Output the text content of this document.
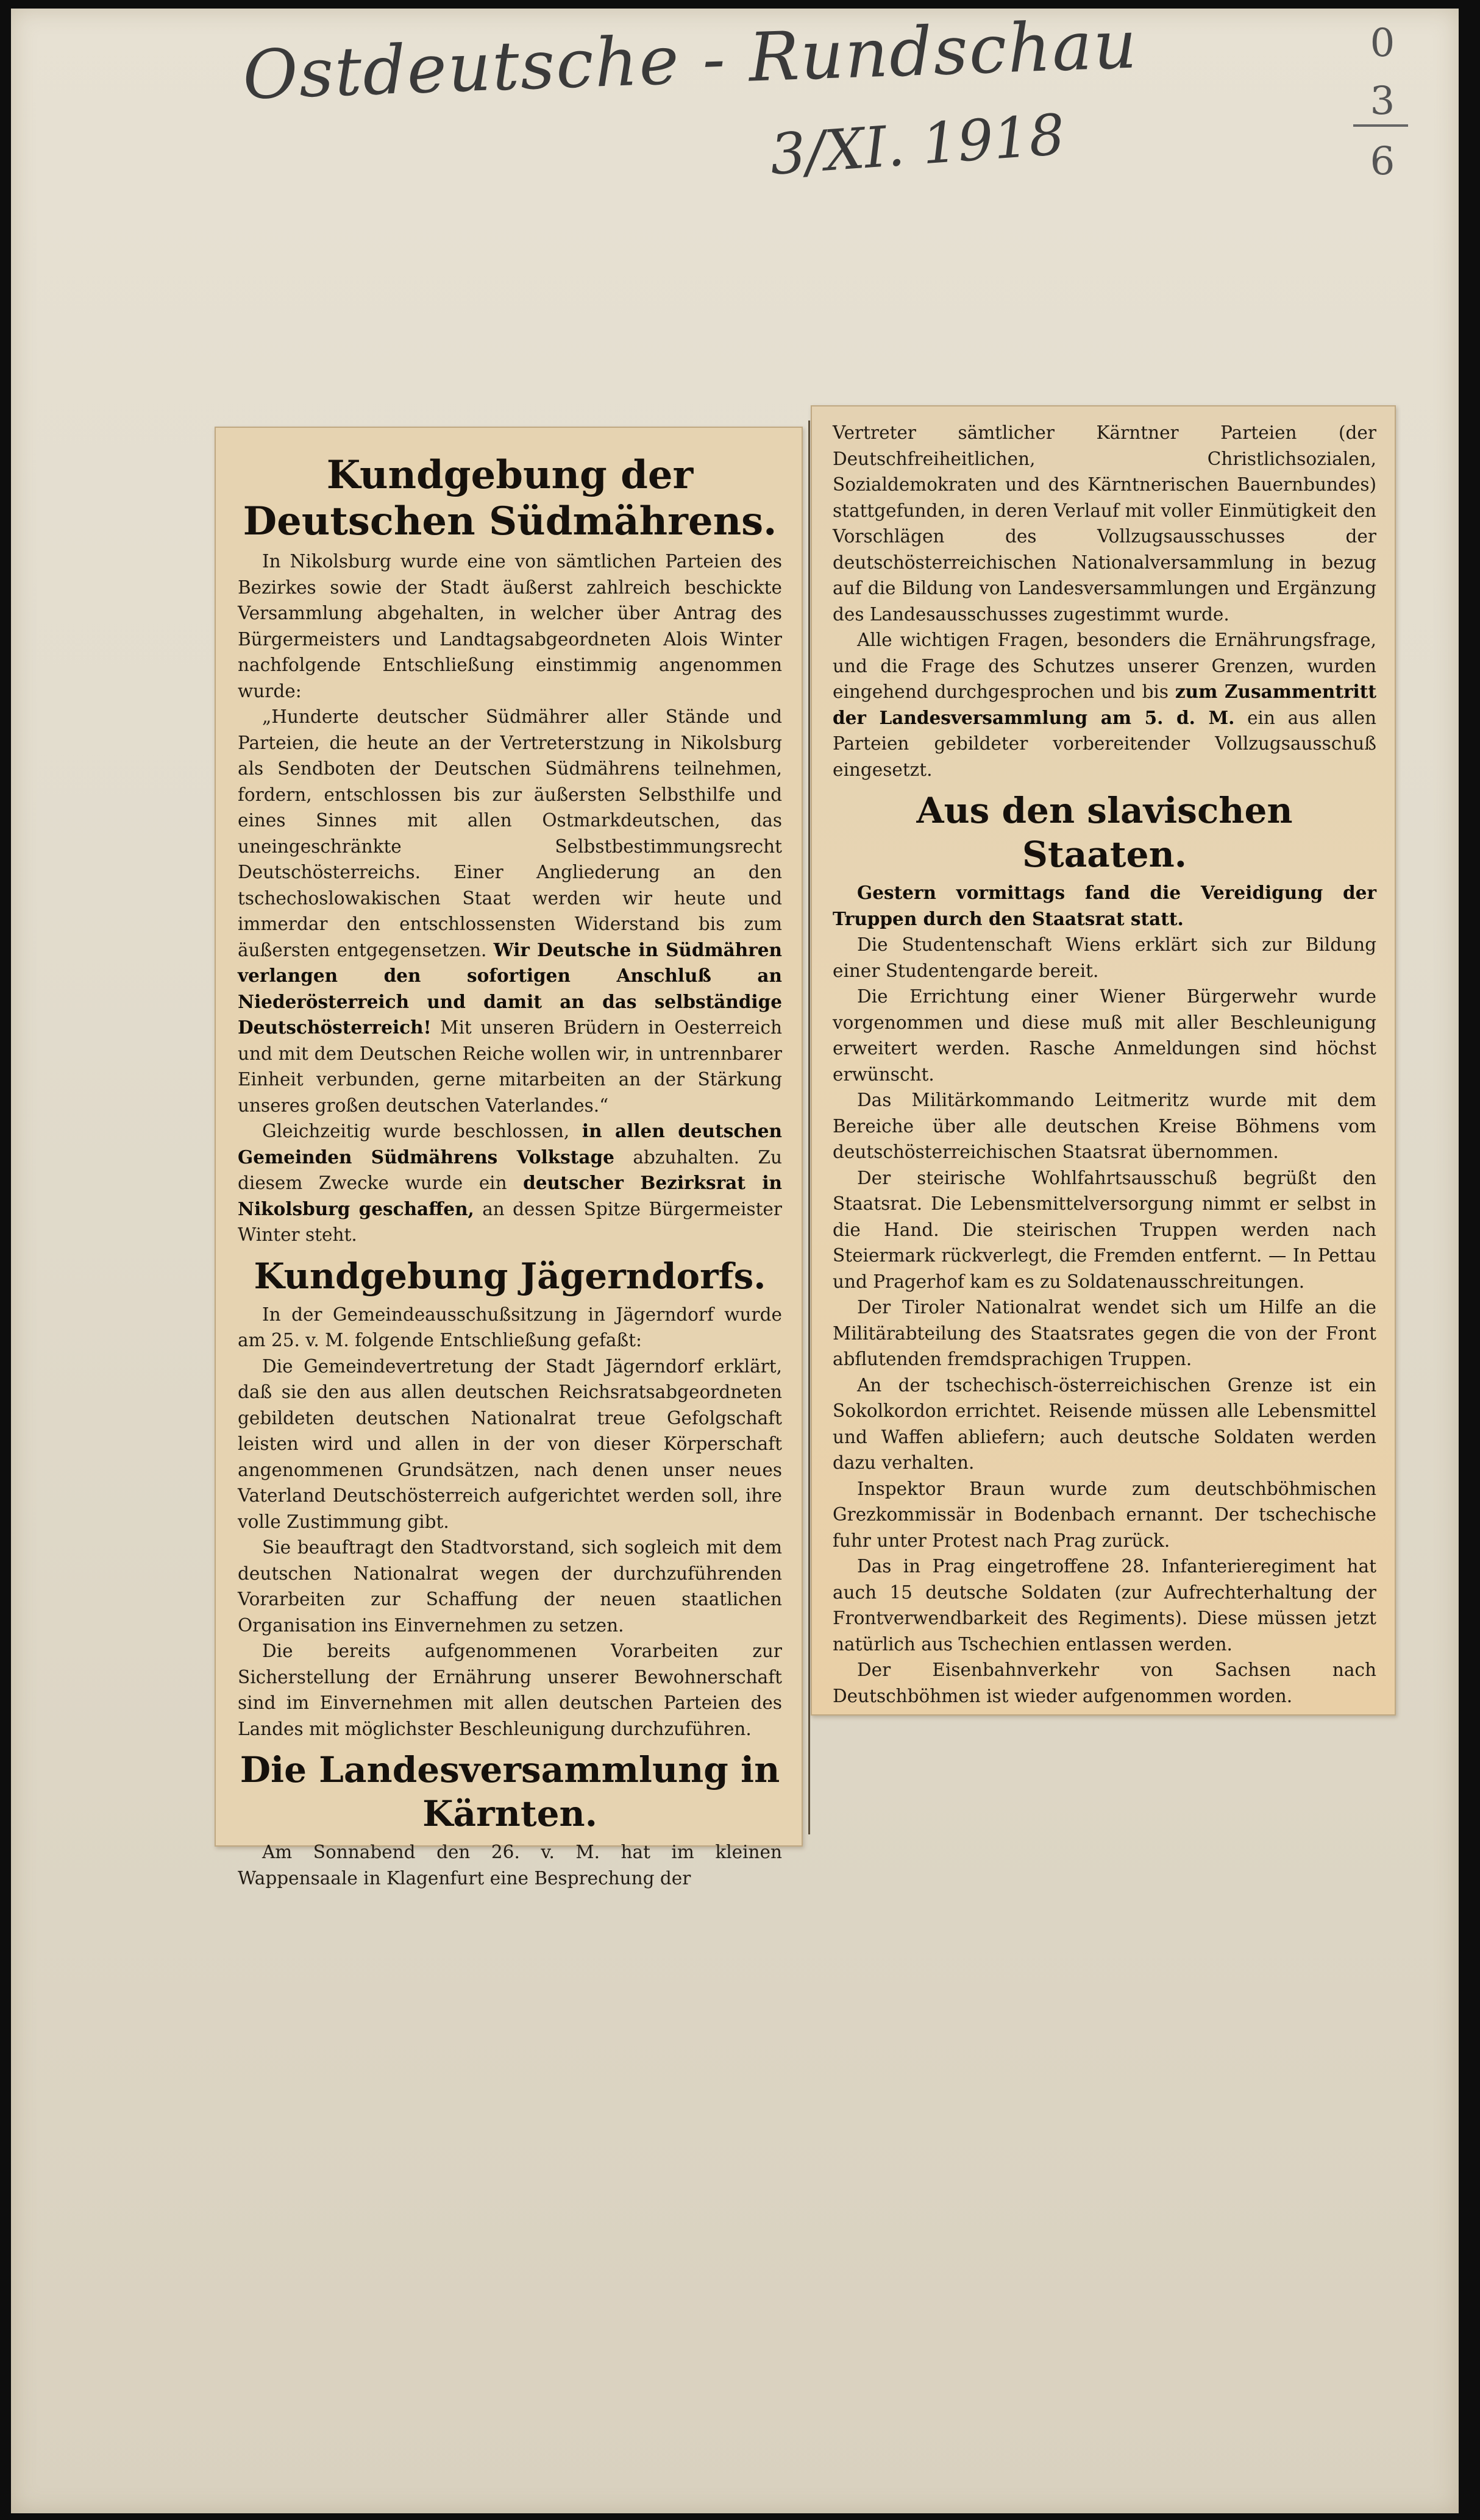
Ostdeutsche - Rundschau
3/XI. 1918
0
3
6
Kundgebung der Deutschen Südmährens.

In Nikolsburg wurde eine von sämtlichen Parteien des Bezirkes sowie der Stadt äußerst zahlreich beschickte Versammlung abgehalten, in welcher über Antrag des Bürgermeisters und Landtagsabgeordneten Alois Winter nachfolgende Entschließung einstimmig angenommen wurde:

„Hunderte deutscher Südmährer aller Stände und Parteien, die heute an der Vertreterstzung in Nikolsburg als Sendboten der Deutschen Südmährens teilnehmen, fordern, entschlossen bis zur äußersten Selbsthilfe und eines Sinnes mit allen Ostmarkdeutschen, das uneingeschränkte Selbstbestimmungsrecht Deutschösterreichs. Einer Angliederung an den tschechoslowakischen Staat werden wir heute und immerdar den entschlossensten Widerstand bis zum äußersten entgegensetzen. Wir Deutsche in Südmähren verlangen den sofortigen Anschluß an Niederösterreich und damit an das selbständige Deutschösterreich! Mit unseren Brüdern in Oesterreich und mit dem Deutschen Reiche wollen wir, in untrennbarer Einheit verbunden, gerne mitarbeiten an der Stärkung unseres großen deutschen Vaterlandes.“

Gleichzeitig wurde beschlossen, in allen deutschen Gemeinden Südmährens Volkstage abzuhalten. Zu diesem Zwecke wurde ein deutscher Bezirksrat in Nikolsburg geschaffen, an dessen Spitze Bürgermeister Winter steht.

Kundgebung Jägerndorfs.

In der Gemeindeausschußsitzung in Jägerndorf wurde am 25. v. M. folgende Entschließung gefaßt:

Die Gemeindevertretung der Stadt Jägerndorf erklärt, daß sie den aus allen deutschen Reichsratsabgeordneten gebildeten deutschen Nationalrat treue Gefolgschaft leisten wird und allen in der von dieser Körperschaft angenommenen Grundsätzen, nach denen unser neues Vaterland Deutschösterreich aufgerichtet werden soll, ihre volle Zustimmung gibt.

Sie beauftragt den Stadtvorstand, sich sogleich mit dem deutschen Nationalrat wegen der durchzuführenden Vorarbeiten zur Schaffung der neuen staatlichen Organisation ins Einvernehmen zu setzen.

Die bereits aufgenommenen Vorarbeiten zur Sicherstellung der Ernährung unserer Bewohnerschaft sind im Einvernehmen mit allen deutschen Parteien des Landes mit möglichster Beschleunigung durchzuführen.

Die Landesversammlung in Kärnten.

Am Sonnabend den 26. v. M. hat im kleinen Wappensaale in Klagenfurt eine Besprechung der

Vertreter sämtlicher Kärntner Parteien (der Deutschfreiheitlichen, Christlichsozialen, Sozialdemokraten und des Kärntnerischen Bauernbundes) stattgefunden, in deren Verlauf mit voller Einmütigkeit den Vorschlägen des Vollzugsausschusses der deutschösterreichischen Nationalversammlung in bezug auf die Bildung von Landesversammlungen und Ergänzung des Landesausschusses zugestimmt wurde.

Alle wichtigen Fragen, besonders die Ernährungsfrage, und die Frage des Schutzes unserer Grenzen, wurden eingehend durchgesprochen und bis zum Zusammentritt der Landesversammlung am 5. d. M. ein aus allen Parteien gebildeter vorbereitender Vollzugsausschuß eingesetzt.

Aus den slavischen Staaten.

Gestern vormittags fand die Vereidigung der Truppen durch den Staatsrat statt.

Die Studentenschaft Wiens erklärt sich zur Bildung einer Studentengarde bereit.

Die Errichtung einer Wiener Bürgerwehr wurde vorgenommen und diese muß mit aller Beschleunigung erweitert werden. Rasche Anmeldungen sind höchst erwünscht.

Das Militärkommando Leitmeritz wurde mit dem Bereiche über alle deutschen Kreise Böhmens vom deutschösterreichischen Staatsrat übernommen.

Der steirische Wohlfahrtsausschuß begrüßt den Staatsrat. Die Lebensmittelversorgung nimmt er selbst in die Hand. Die steirischen Truppen werden nach Steiermark rückverlegt, die Fremden entfernt. — In Pettau und Pragerhof kam es zu Soldatenausschreitungen.

Der Tiroler Nationalrat wendet sich um Hilfe an die Militärabteilung des Staatsrates gegen die von der Front abflutenden fremdsprachigen Truppen.

An der tschechisch-österreichischen Grenze ist ein Sokolkordon errichtet. Reisende müssen alle Lebensmittel und Waffen abliefern; auch deutsche Soldaten werden dazu verhalten.

Inspektor Braun wurde zum deutschböhmischen Grezkommissär in Bodenbach ernannt. Der tschechische fuhr unter Protest nach Prag zurück.

Das in Prag eingetroffene 28. Infanterieregiment hat auch 15 deutsche Soldaten (zur Aufrechterhaltung der Frontverwendbarkeit des Regiments). Diese müssen jetzt natürlich aus Tschechien entlassen werden.

Der Eisenbahnverkehr von Sachsen nach Deutschböhmen ist wieder aufgenommen worden.
